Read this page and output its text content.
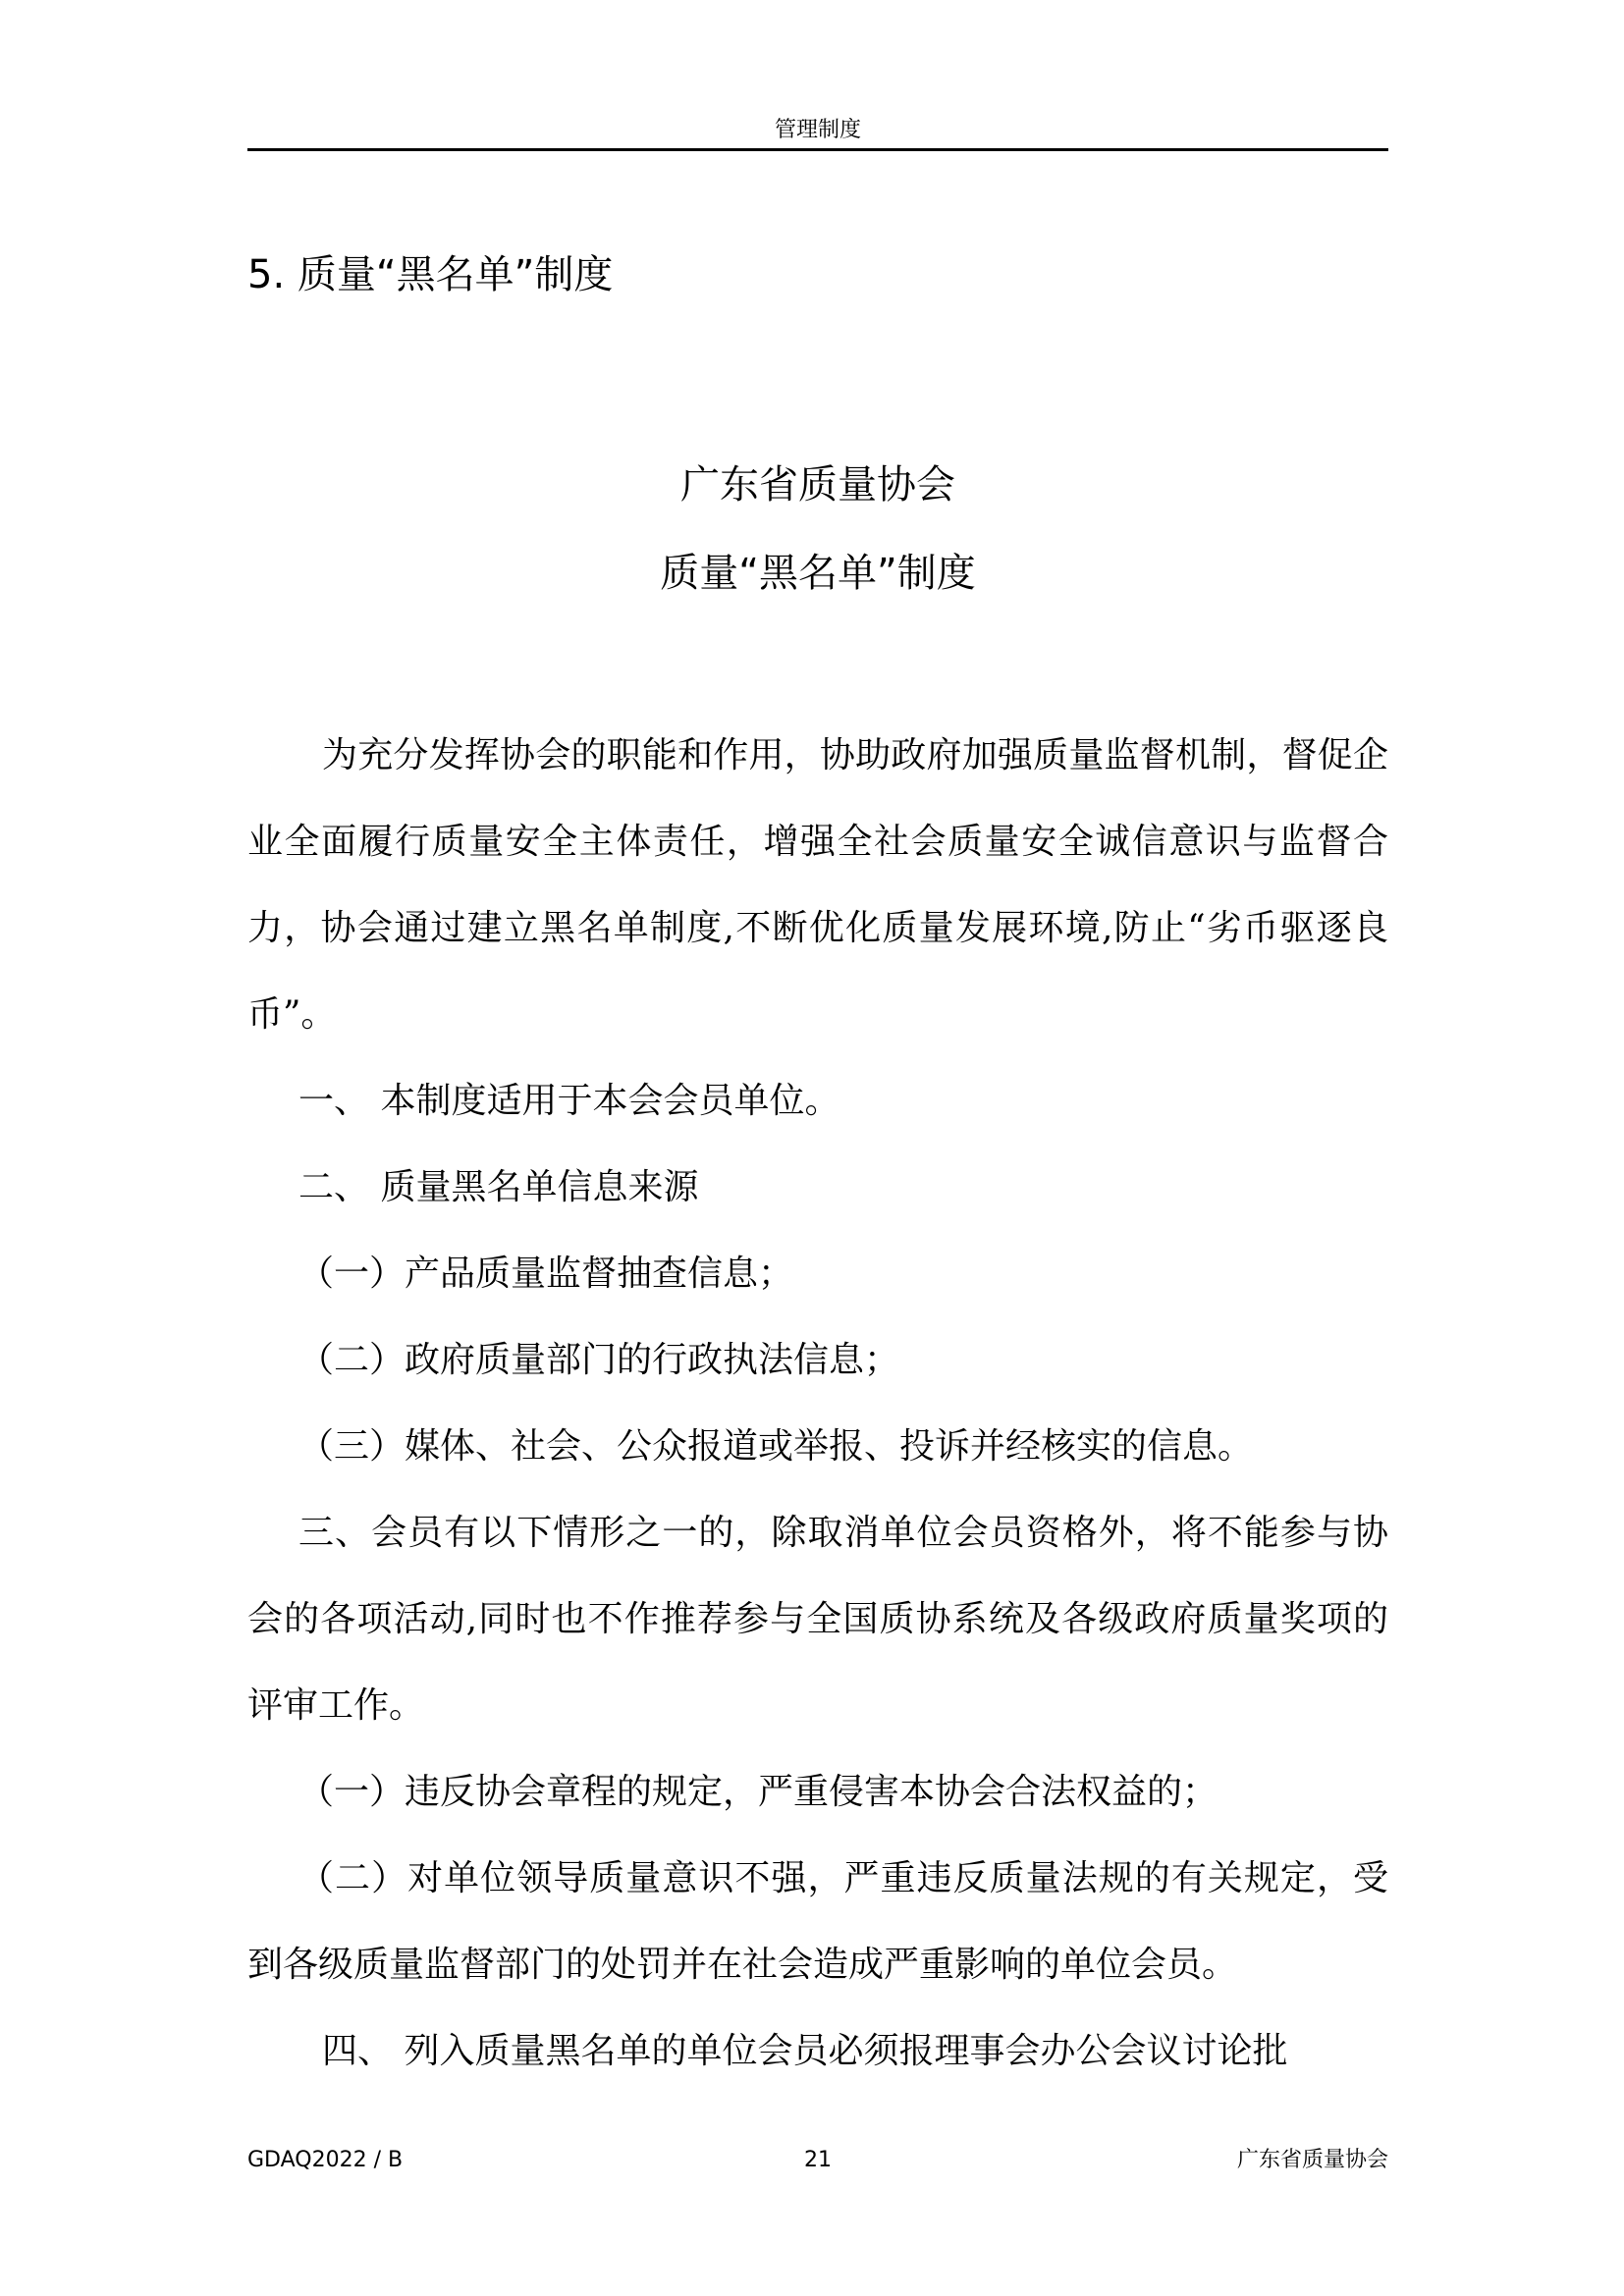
管理制度
5. 质量“黑名单”制度
广东省质量协会
质量“黑名单”制度

为充分发挥协会的职能和作用，协助政府加强质量监督机制，督促企业全面履行质量安全主体责任，增强全社会质量安全诚信意识与监督合力，协会通过建立黑名单制度,不断优化质量发展环境,防止“劣币驱逐良币”。

一、 本制度适用于本会会员单位。

二、 质量黑名单信息来源

（一）产品质量监督抽查信息；

（二）政府质量部门的行政执法信息；

（三）媒体、社会、公众报道或举报、投诉并经核实的信息。

三、会员有以下情形之一的，除取消单位会员资格外，将不能参与协会的各项活动,同时也不作推荐参与全国质协系统及各级政府质量奖项的评审工作。

（一）违反协会章程的规定，严重侵害本协会合法权益的；

（二）对单位领导质量意识不强，严重违反质量法规的有关规定，受到各级质量监督部门的处罚并在社会造成严重影响的单位会员。

四、 列入质量黑名单的单位会员必须报理事会办公会议讨论批

GDAQ2022 / B	21	广东省质量协会
